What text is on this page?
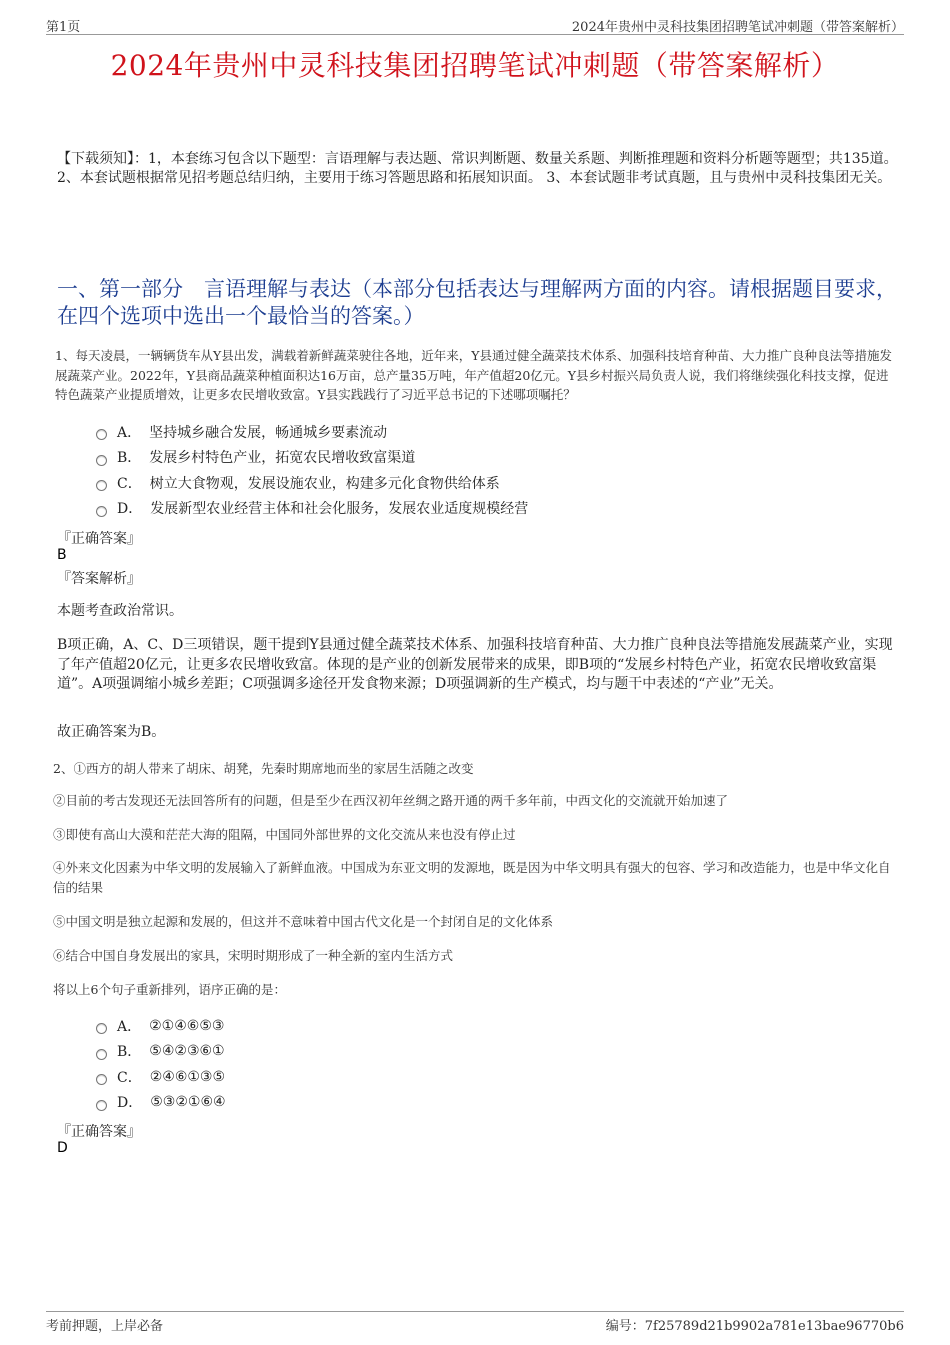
第1页	2024年贵州中灵科技集团招聘笔试冲刺题（带答案解析）
2024年贵州中灵科技集团招聘笔试冲刺题（带答案解析）
【下载须知】：1，本套练习包含以下题型：言语理解与表达题、常识判断题、数量关系题、判断推理题和资料分析题等题型；共135道。 2、本套试题根据常见招考题总结归纳，主要用于练习答题思路和拓展知识面。 3、本套试题非考试真题，且与贵州中灵科技集团无关。
一、第一部分　言语理解与表达（本部分包括表达与理解两方面的内容。请根据题目要求，在四个选项中选出一个最恰当的答案。）
1、每天凌晨，一辆辆货车从Y县出发，满载着新鲜蔬菜驶往各地，近年来，Y县通过健全蔬菜技术体系、加强科技培育种苗、大力推广良种良法等措施发展蔬菜产业。2022年，Y县商品蔬菜种植面积达16万亩，总产量35万吨，年产值超20亿元。Y县乡村振兴局负责人说，我们将继续强化科技支撑，促进特色蔬菜产业提质增效，让更多农民增收致富。Y县实践践行了习近平总书记的下述哪项嘱托？
A． 坚持城乡融合发展，畅通城乡要素流动
B． 发展乡村特色产业，拓宽农民增收致富渠道
C． 树立大食物观，发展设施农业，构建多元化食物供给体系
D． 发展新型农业经营主体和社会化服务，发展农业适度规模经营
『正确答案』
B
『答案解析』
本题考查政治常识。
B项正确，A、C、D三项错误，题干提到Y县通过健全蔬菜技术体系、加强科技培育种苗、大力推广良种良法等措施发展蔬菜产业，实现了年产值超20亿元，让更多农民增收致富。体现的是产业的创新发展带来的成果，即B项的“发展乡村特色产业，拓宽农民增收致富渠道”。A项强调缩小城乡差距；C项强调多途径开发食物来源；D项强调新的生产模式，均与题干中表述的“产业”无关。
故正确答案为B。
2、①西方的胡人带来了胡床、胡凳，先秦时期席地而坐的家居生活随之改变
②目前的考古发现还无法回答所有的问题，但是至少在西汉初年丝绸之路开通的两千多年前，中西文化的交流就开始加速了
③即使有高山大漠和茫茫大海的阻隔，中国同外部世界的文化交流从来也没有停止过
④外来文化因素为中华文明的发展输入了新鲜血液。中国成为东亚文明的发源地，既是因为中华文明具有强大的包容、学习和改造能力，也是中华文化自信的结果
⑤中国文明是独立起源和发展的，但这并不意味着中国古代文化是一个封闭自足的文化体系
⑥结合中国自身发展出的家具，宋明时期形成了一种全新的室内生活方式
将以上6个句子重新排列，语序正确的是：
A． ②①④⑥⑤③
B． ⑤④②③⑥①
C． ②④⑥①③⑤
D． ⑤③②①⑥④
『正确答案』
D
考前押题，上岸必备	编号：7f25789d21b9902a781e13bae96770b6
